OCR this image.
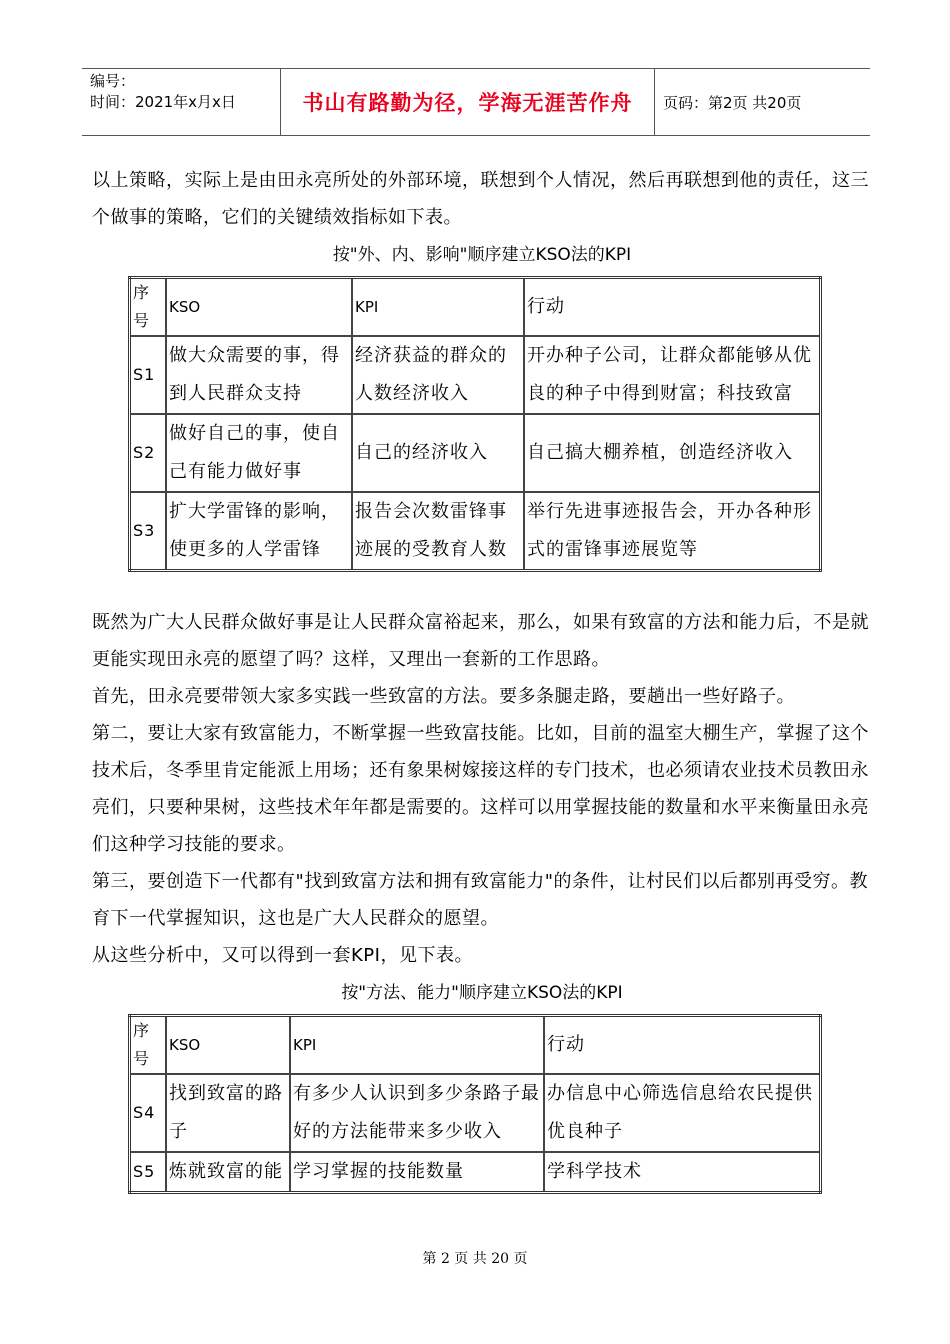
编号：
时间：2021年x月x日	书山有路勤为径，学海无涯苦作舟	页码：第2页 共20页

以上策略，实际上是由田永亮所处的外部环境，联想到个人情况，然后再联想到他的责任，这三个做事的策略，它们的关键绩效指标如下表。

按"外、内、影响"顺序建立KSO法的KPI
序号	KSO	KPI	行动
S1	做大众需要的事，得到人民群众支持	经济获益的群众的人数经济收入	开办种子公司，让群众都能够从优良的种子中得到财富；科技致富
S2	做好自己的事，使自己有能力做好事	自己的经济收入	自己搞大棚养植，创造经济收入
S3	扩大学雷锋的影响，使更多的人学雷锋	报告会次数雷锋事迹展的受教育人数	举行先进事迹报告会，开办各种形式的雷锋事迹展览等

既然为广大人民群众做好事是让人民群众富裕起来，那么，如果有致富的方法和能力后，不是就更能实现田永亮的愿望了吗？这样，又理出一套新的工作思路。

首先，田永亮要带领大家多实践一些致富的方法。要多条腿走路，要趟出一些好路子。

第二，要让大家有致富能力，不断掌握一些致富技能。比如，目前的温室大棚生产，掌握了这个技术后，冬季里肯定能派上用场；还有象果树嫁接这样的专门技术，也必须请农业技术员教田永亮们，只要种果树，这些技术年年都是需要的。这样可以用掌握技能的数量和水平来衡量田永亮们这种学习技能的要求。

第三，要创造下一代都有"找到致富方法和拥有致富能力"的条件，让村民们以后都别再受穷。教育下一代掌握知识，这也是广大人民群众的愿望。

从这些分析中，又可以得到一套KPI，见下表。

按"方法、能力"顺序建立KSO法的KPI
序号	KSO	KPI	行动
S4	找到致富的路子	有多少人认识到多少条路子最好的方法能带来多少收入	办信息中心筛选信息给农民提供优良种子
S5	炼就致富的能	学习掌握的技能数量	学科学技术
第 2 页 共 20 页
